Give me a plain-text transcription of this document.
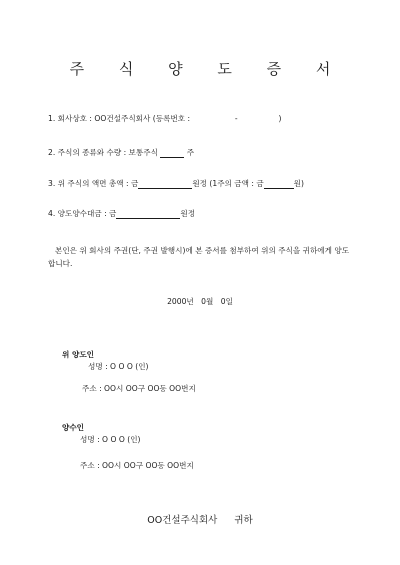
주 식 양 도 증 서
1. 회사상호 : OO건설주식회사 (등록번호 :	-	)
2. 주식의 종류와 수량 : 보통주식	주
3. 위 주식의 액면 총액 : 금	원정 (1주의 금액 : 금	원)
4. 양도양수대금 : 금	원정
본인은 위 회사의 주권(단, 주권 발행시)에 본 증서를 첨부하여 위의 주식을 귀하에게 양도합니다.
2000년 0월 0일
위 양도인
성명 : O O O (인)
주소 : OO시 OO구 OO동 OO번지
양수인
성명 : O O O (인)
주소 : OO시 OO구 OO동 OO번지
OO건설주식회사 귀하
